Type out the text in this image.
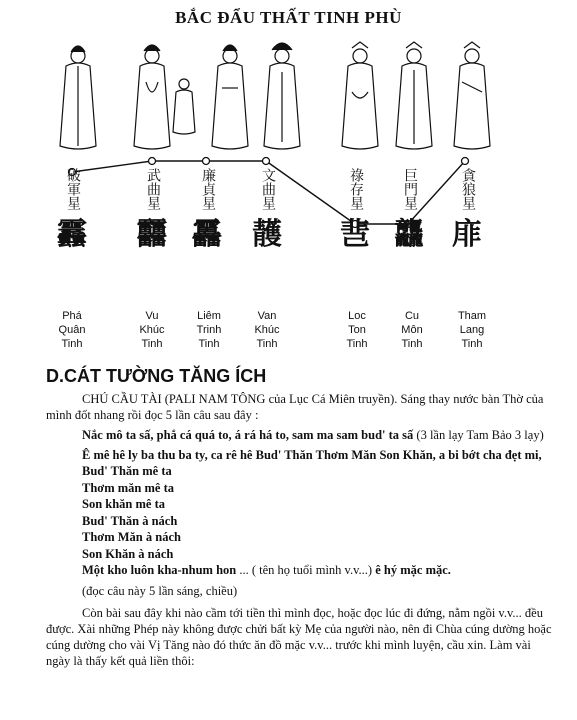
BẮC ĐẨU THẤT TINH PHÙ
破軍星
䨺
武曲星
䨻
廉貞星
靐
文曲星
䨼
祿存星
䨽
巨門星
龘
貪狼星
䨾
Phá
Quân
Tinh
Vu
Khúc
Tinh
Liêm
Trinh
Tinh
Van
Khúc
Tinh
Loc
Ton
Tinh
Cu
Môn
Tinh
Tham
Lang
Tinh
D.CÁT TƯỜNG TĂNG ÍCH

CHÚ CẦU TÀI (PALI NAM TÔNG của Lục Cá Miên truyền). Sáng thay nước bàn Thờ của mình đốt nhang rồi đọc 5 lần câu sau đây :

Nắc mô ta sấ, phắ cá quá to, á rá há to, sam ma sam bud' ta sấ (3 lần lạy Tam Bảo 3 lạy)

Ê mê hê ly ba thu ba ty, ca rê hê Bud' Thăn Thơm Măn Son Khăn, a bi bớt cha đẹt mi,

Bud' Thăn mê ta
Thơm măn mê ta
Son khăn mê ta
Bud' Thăn à nách
Thơm Măn à nách
Son Khăn à nách
Một kho luôn kha-nhum hon ... ( tên họ tuổi mình v.v...) ê hý mặc mặc.

(đọc câu này 5 lần sáng, chiều)

Còn bài sau đây khi nào cầm tới tiền thì mình đọc, hoặc đọc lúc đi đứng, nằm ngồi v.v... đều được. Xài những Phép này không được chửi bất kỳ Mẹ của người nào, nên đi Chùa cúng dường hoặc cúng dường cho vài Vị Tăng nào đó thức ăn đồ mặc v.v... trước khi mình luyện, cầu xin. Làm vài ngày là thấy kết quả liền thôi:
